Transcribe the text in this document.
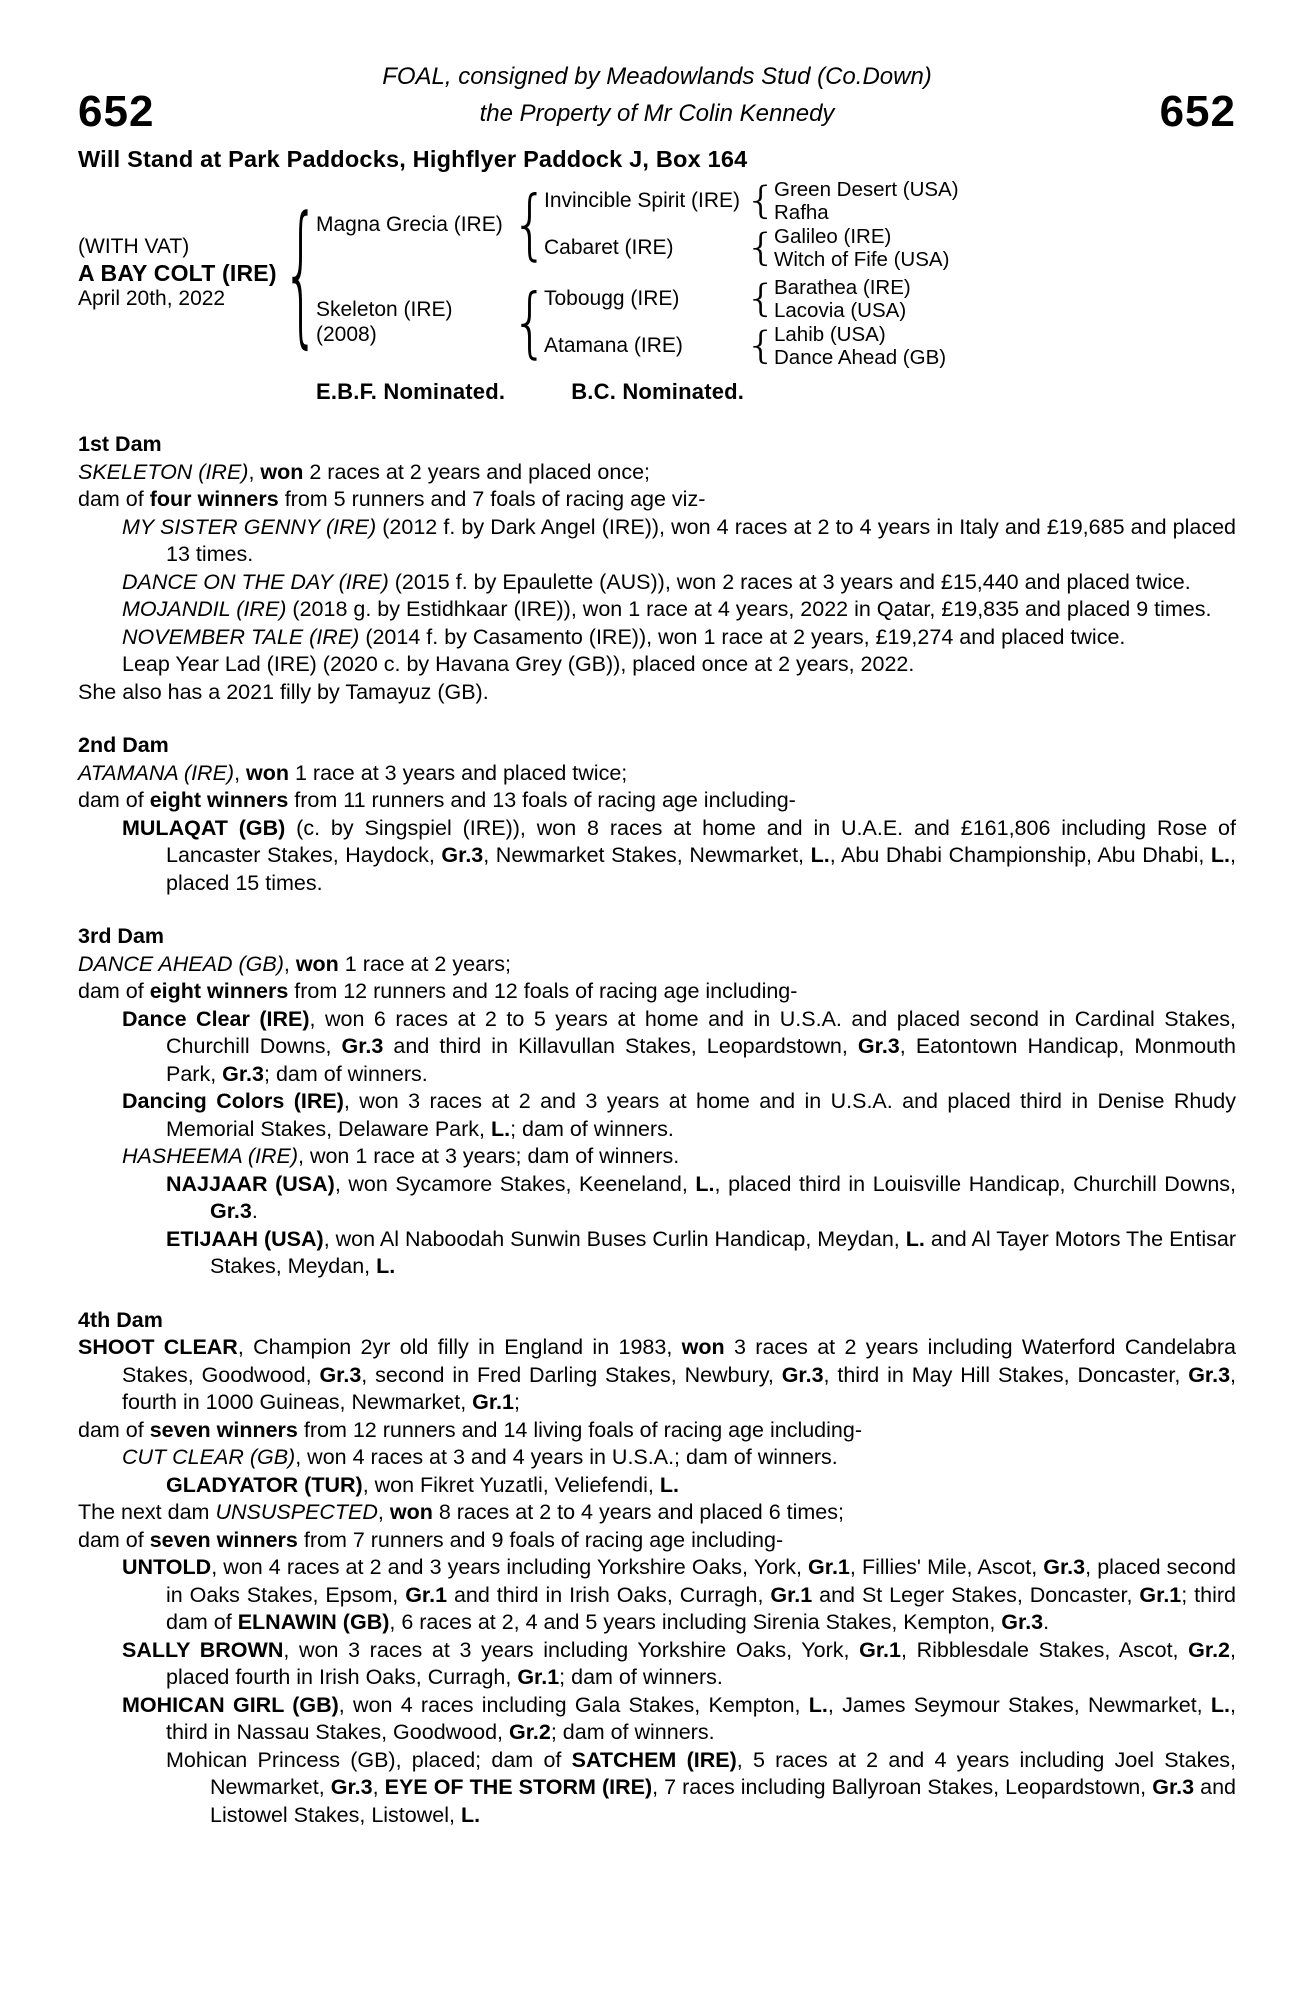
652
FOAL, consigned by Meadowlands Stud (Co.Down)
the Property of Mr Colin Kennedy	652
Will Stand at Park Paddocks, Highflyer Paddock J, Box 164
(WITH VAT)
A BAY COLT (IRE)
April 20th, 2022 {
Magna Grecia (IRE) {
Invincible Spirit (IRE) {
Green Desert (USA)
Rafha
Cabaret (IRE)	{
Galileo (IRE)
Witch of Fife (USA)
Skeleton (IRE)
(2008)	{
Tobougg (IRE)	{
Barathea (IRE)
Lacovia (USA)
Atamana (IRE)	{
Lahib (USA)
Dance Ahead (GB)
E.B.F. Nominated.	B.C. Nominated.
1st Dam

SKELETON (IRE), won 2 races at 2 years and placed once;

dam of four winners from 5 runners and 7 foals of racing age viz-

MY SISTER GENNY (IRE) (2012 f. by Dark Angel (IRE)), won 4 races at 2 to 4 years in Italy and £19,685 and placed 13 times.

DANCE ON THE DAY (IRE) (2015 f. by Epaulette (AUS)), won 2 races at 3 years and £15,440 and placed twice.

MOJANDIL (IRE) (2018 g. by Estidhkaar (IRE)), won 1 race at 4 years, 2022 in Qatar, £19,835 and placed 9 times.

NOVEMBER TALE (IRE) (2014 f. by Casamento (IRE)), won 1 race at 2 years, £19,274 and placed twice.

Leap Year Lad (IRE) (2020 c. by Havana Grey (GB)), placed once at 2 years, 2022.

She also has a 2021 filly by Tamayuz (GB).

2nd Dam

ATAMANA (IRE), won 1 race at 3 years and placed twice;

dam of eight winners from 11 runners and 13 foals of racing age including-

MULAQAT (GB) (c. by Singspiel (IRE)), won 8 races at home and in U.A.E. and £161,806 including Rose of Lancaster Stakes, Haydock, Gr.3, Newmarket Stakes, Newmarket, L., Abu Dhabi Championship, Abu Dhabi, L., placed 15 times.

3rd Dam

DANCE AHEAD (GB), won 1 race at 2 years;

dam of eight winners from 12 runners and 12 foals of racing age including-

Dance Clear (IRE), won 6 races at 2 to 5 years at home and in U.S.A. and placed second in Cardinal Stakes, Churchill Downs, Gr.3 and third in Killavullan Stakes, Leopardstown, Gr.3, Eatontown Handicap, Monmouth Park, Gr.3; dam of winners.

Dancing Colors (IRE), won 3 races at 2 and 3 years at home and in U.S.A. and placed third in Denise Rhudy Memorial Stakes, Delaware Park, L.; dam of winners.

HASHEEMA (IRE), won 1 race at 3 years; dam of winners.

NAJJAAR (USA), won Sycamore Stakes, Keeneland, L., placed third in Louisville Handicap, Churchill Downs, Gr.3.

ETIJAAH (USA), won Al Naboodah Sunwin Buses Curlin Handicap, Meydan, L. and Al Tayer Motors The Entisar Stakes, Meydan, L.

4th Dam

SHOOT CLEAR, Champion 2yr old filly in England in 1983, won 3 races at 2 years including Waterford Candelabra Stakes, Goodwood, Gr.3, second in Fred Darling Stakes, Newbury, Gr.3, third in May Hill Stakes, Doncaster, Gr.3, fourth in 1000 Guineas, Newmarket, Gr.1;

dam of seven winners from 12 runners and 14 living foals of racing age including-

CUT CLEAR (GB), won 4 races at 3 and 4 years in U.S.A.; dam of winners.

GLADYATOR (TUR), won Fikret Yuzatli, Veliefendi, L.

The next dam UNSUSPECTED, won 8 races at 2 to 4 years and placed 6 times;

dam of seven winners from 7 runners and 9 foals of racing age including-

UNTOLD, won 4 races at 2 and 3 years including Yorkshire Oaks, York, Gr.1, Fillies' Mile, Ascot, Gr.3, placed second in Oaks Stakes, Epsom, Gr.1 and third in Irish Oaks, Curragh, Gr.1 and St Leger Stakes, Doncaster, Gr.1; third dam of ELNAWIN (GB), 6 races at 2, 4 and 5 years including Sirenia Stakes, Kempton, Gr.3.

SALLY BROWN, won 3 races at 3 years including Yorkshire Oaks, York, Gr.1, Ribblesdale Stakes, Ascot, Gr.2, placed fourth in Irish Oaks, Curragh, Gr.1; dam of winners.

MOHICAN GIRL (GB), won 4 races including Gala Stakes, Kempton, L., James Seymour Stakes, Newmarket, L., third in Nassau Stakes, Goodwood, Gr.2; dam of winners.

Mohican Princess (GB), placed; dam of SATCHEM (IRE), 5 races at 2 and 4 years including Joel Stakes, Newmarket, Gr.3, EYE OF THE STORM (IRE), 7 races including Ballyroan Stakes, Leopardstown, Gr.3 and Listowel Stakes, Listowel, L.
